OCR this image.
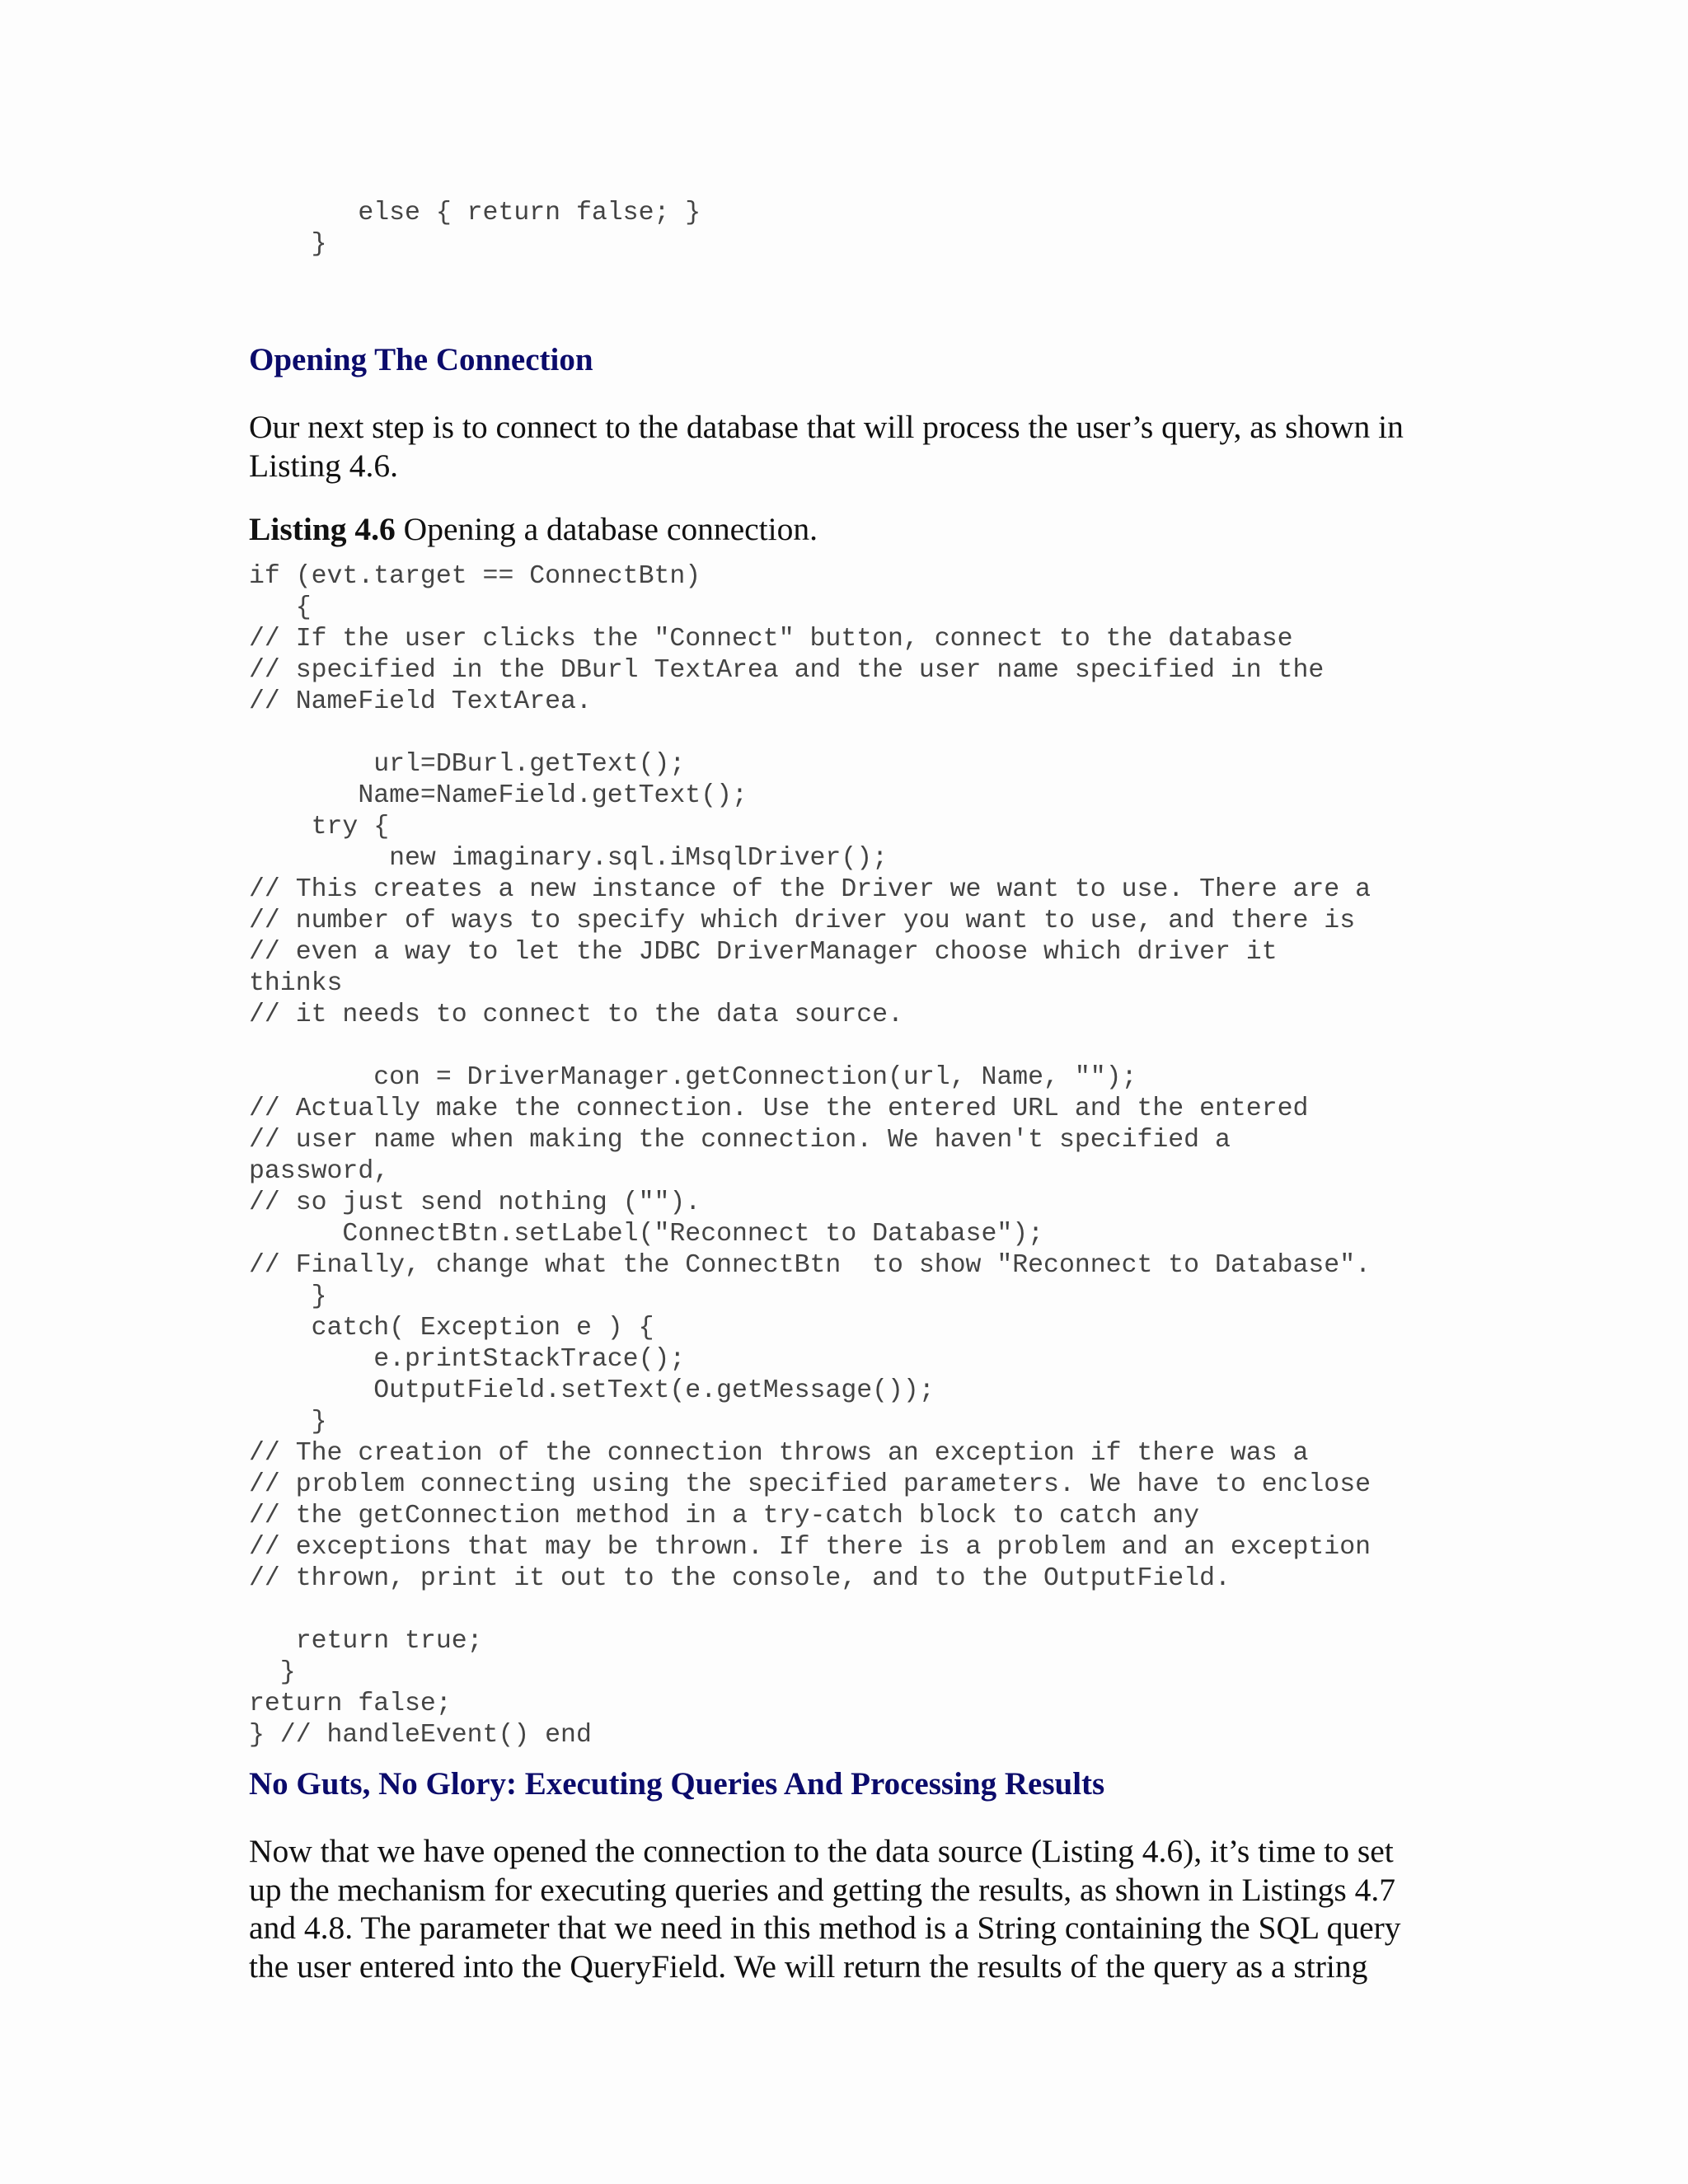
else { return false; }
}
Opening The Connection

Our next step is to connect to the database that will process the user’s query, as shown in
Listing 4.6.

Listing 4.6 Opening a database connection.

if (evt.target == ConnectBtn)
{
// If the user clicks the "Connect" button, connect to the database
// specified in the DBurl TextArea and the user name specified in the
// NameField TextArea.
url=DBurl.getText();
Name=NameField.getText();
try {
new imaginary.sql.iMsqlDriver();
// This creates a new instance of the Driver we want to use. There are a
// number of ways to specify which driver you want to use, and there is
// even a way to let the JDBC DriverManager choose which driver it
thinks
// it needs to connect to the data source.
con = DriverManager.getConnection(url, Name, "");
// Actually make the connection. Use the entered URL and the entered
// user name when making the connection. We haven't specified a
password,
// so just send nothing ("").
ConnectBtn.setLabel("Reconnect to Database");
// Finally, change what the ConnectBtn  to show "Reconnect to Database".
}
catch( Exception e ) {
e.printStackTrace();
OutputField.setText(e.getMessage());
}
// The creation of the connection throws an exception if there was a
// problem connecting using the specified parameters. We have to enclose
// the getConnection method in a try-catch block to catch any
// exceptions that may be thrown. If there is a problem and an exception
// thrown, print it out to the console, and to the OutputField.
return true;
}
return false;
} // handleEvent() end
No Guts, No Glory: Executing Queries And Processing Results

Now that we have opened the connection to the data source (Listing 4.6), it’s time to set
up the mechanism for executing queries and getting the results, as shown in Listings 4.7
and 4.8. The parameter that we need in this method is a String containing the SQL query
the user entered into the QueryField. We will return the results of the query as a string
